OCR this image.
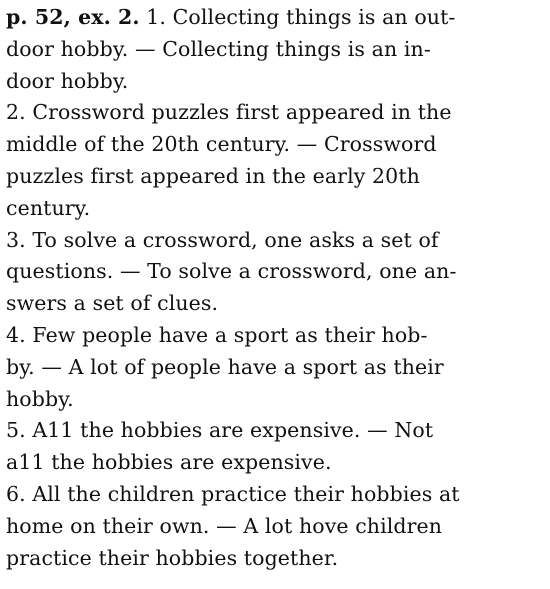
p. 52, ex. 2. 1. Collecting things is an out-
door hobby. — Collecting things is an in-
door hobby.
2. Crossword puzzles first appeared in the
middle of the 20th century. — Crossword
puzzles first appeared in the early 20th
century.
3. To solve a crossword, one asks a set of
questions. — To solve a crossword, one an-
swers a set of clues.
4. Few people have a sport as their hob-
by. — A lot of people have a sport as their
hobby.
5. A11 the hobbies are expensive. — Not
a11 the hobbies are expensive.
6. All the children practice their hobbies at
home on their own. — A lot hove children
practice their hobbies together.
